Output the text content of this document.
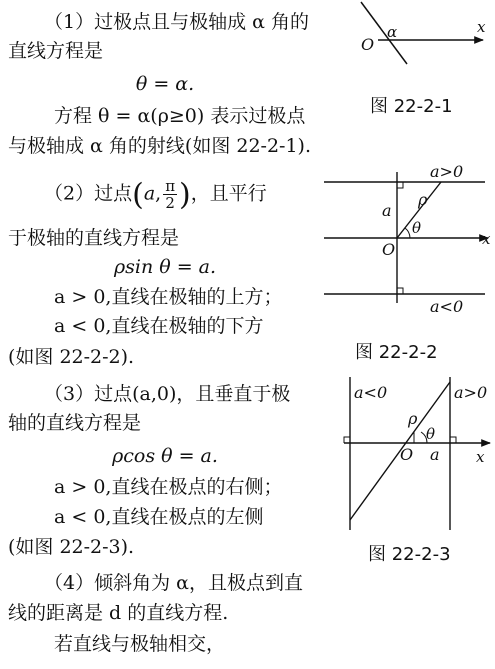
（1）过极点且与极轴成 α 角的
直线方程是
θ = α.
方程 θ = α(ρ≥0) 表示过极点
与极轴成 α 角的射线(如图 22-2-1).
（2）过点(a, $\frac{\pi}{2}$ )，且平行
于极轴的直线方程是
ρsin θ = a.
a > 0,直线在极轴的上方；
a < 0,直线在极轴的下方
(如图 22-2-2).
（3）过点(a,0)，且垂直于极
轴的直线方程是
ρcos θ = a.
a > 0,直线在极点的右侧；
a < 0,直线在极点的左侧
(如图 22-2-3).
（4）倾斜角为 α，且极点到直
线的距离是 d 的直线方程.
若直线与极轴相交，
O
α	x
图 22-2-1
a>0
ρ
a
θ
O
x
a<0
图 22-2-2
a<0	a>0
ρ
θ
O a x
图 22-2-3
